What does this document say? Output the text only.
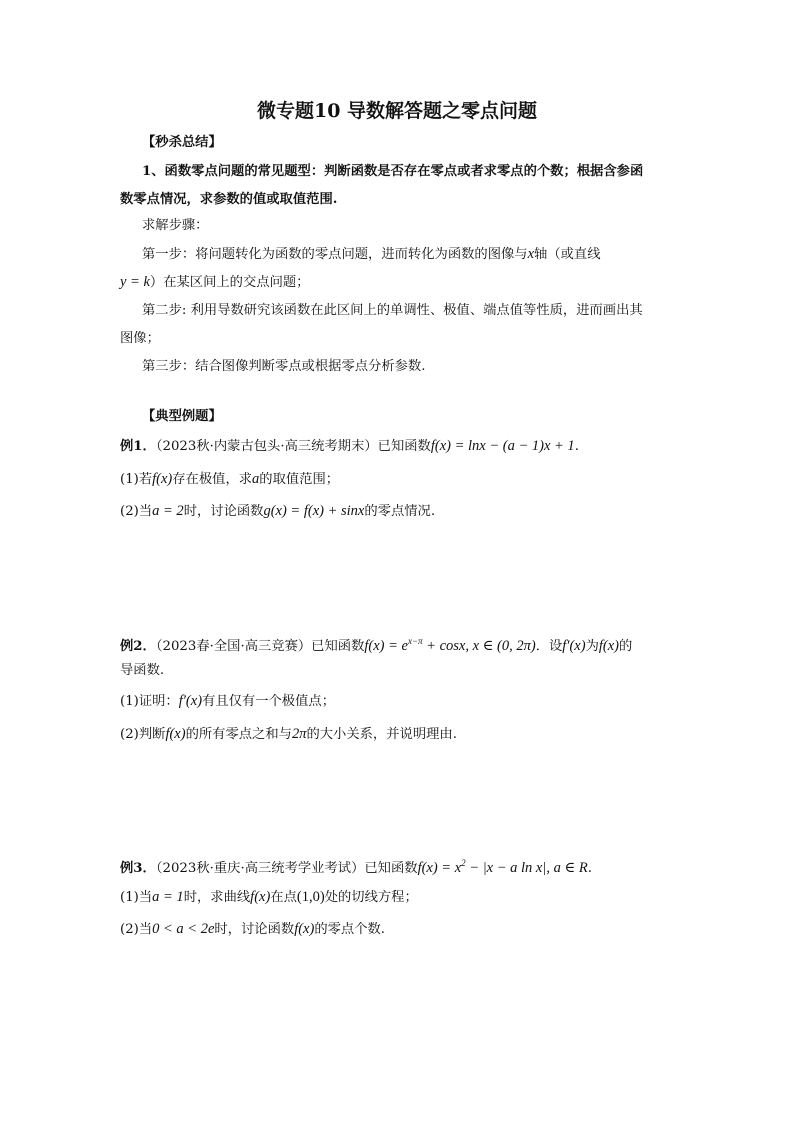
微专题10 导数解答题之零点问题
【秒杀总结】
1、函数零点问题的常见题型：判断函数是否存在零点或者求零点的个数；根据含参函
数零点情况，求参数的值或取值范围.
求解步骤：
第一步：将问题转化为函数的零点问题，进而转化为函数的图像与x轴（或直线
y = k）在某区间上的交点问题；
第二步: 利用导数研究该函数在此区间上的单调性、极值、端点值等性质，进而画出其
图像；
第三步：结合图像判断零点或根据零点分析参数.
【典型例题】
例1．（2023秋·内蒙古包头·高三统考期末）已知函数f(x) = lnx − (a − 1)x + 1.
(1)若f(x)存在极值，求a的取值范围；
(2)当a = 2时，讨论函数g(x) = f(x) + sinx的零点情况.
例2．（2023春·全国·高三竞赛）已知函数$f(x) = e^{x-\pi} + \cos x$, x ∈ (0, 2π)．设f′(x)为f(x)的
导函数.
(1)证明：f′(x)有且仅有一个极值点；
(2)判断f(x)的所有零点之和与2π的大小关系，并说明理由.
例3．（2023秋·重庆·高三统考学业考试）已知函数$f(x) = x^2 - |x - a$ ln x|, a ∈ R.
(1)当a = 1时，求曲线f(x)在点(1,0)处的切线方程；
(2)当0 < a < 2e时，讨论函数f(x)的零点个数.
